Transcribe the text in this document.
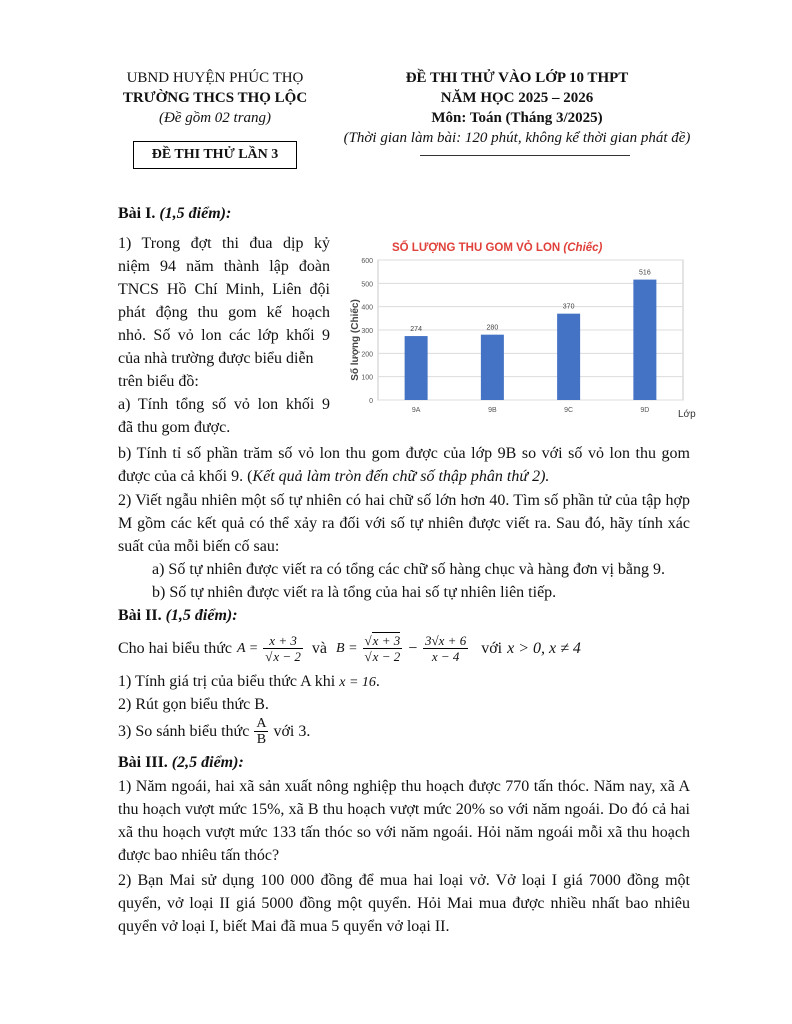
UBND HUYỆN PHÚC THỌ
TRƯỜNG THCS THỌ LỘC
(Đề gồm 02 trang)
ĐỀ THI THỬ LẦN 3
ĐỀ THI THỬ VÀO LỚP 10 THPT
NĂM HỌC 2025 – 2026
Môn: Toán (Tháng 3/2025)
(Thời gian làm bài: 120 phút, không kể thời gian phát đề)
Bài I. (1,5 điểm):
1) Trong đợt thi đua dịp kỷ
niệm 94 năm thành lập đoàn
TNCS Hồ Chí Minh, Liên đội
phát động thu gom kế hoạch
nhỏ. Số vỏ lon các lớp khối 9
của nhà trường được biểu diễn
trên biểu đồ:
a) Tính tổng số vỏ lon khối 9
đã thu gom được.
SỐ LƯỢNG THU GOM VỎ LON (Chiếc)
Số lượng (Chiếc)
Lớp
0
100
200
300
400
500
600
274
9A
280
9B
370
9C
516
9D
b) Tính tỉ số phần trăm số vỏ lon thu gom được của lớp 9B so với số vỏ lon thu gom được của cả khối 9. (Kết quả làm tròn đến chữ số thập phân thứ 2).
2) Viết ngẫu nhiên một số tự nhiên có hai chữ số lớn hơn 40. Tìm số phần tử của tập hợp M gồm các kết quả có thể xảy ra đối với số tự nhiên được viết ra. Sau đó, hãy tính xác suất của mỗi biến cố sau:
a) Số tự nhiên được viết ra có tổng các chữ số hàng chục và hàng đơn vị bằng 9.
b) Số tự nhiên được viết ra là tổng của hai số tự nhiên liên tiếp.
Bài II. (1,5 điểm):
Cho hai biểu thức $A = \frac{x + 3}{√x - 2}$ và $B = \frac{√x + 3}{√x - 2} - \frac{3√x + 6}{x - 4}$ với x > 0, x ≠ 4
1) Tính giá trị của biểu thức A khi x = 16.
2) Rút gọn biểu thức B.
3) So sánh biểu thức $\frac{A}{B}$ với 3.
Bài III. (2,5 điểm):
1) Năm ngoái, hai xã sản xuất nông nghiệp thu hoạch được 770 tấn thóc. Năm nay, xã A thu hoạch vượt mức 15%, xã B thu hoạch vượt mức 20% so với năm ngoái. Do đó cả hai xã thu hoạch vượt mức 133 tấn thóc so với năm ngoái. Hỏi năm ngoái mỗi xã thu hoạch được bao nhiêu tấn thóc?
2) Bạn Mai sử dụng 100 000 đồng để mua hai loại vở. Vở loại I giá 7000 đồng một quyển, vở loại II giá 5000 đồng một quyển. Hỏi Mai mua được nhiều nhất bao nhiêu quyển vở loại I, biết Mai đã mua 5 quyển vở loại II.
